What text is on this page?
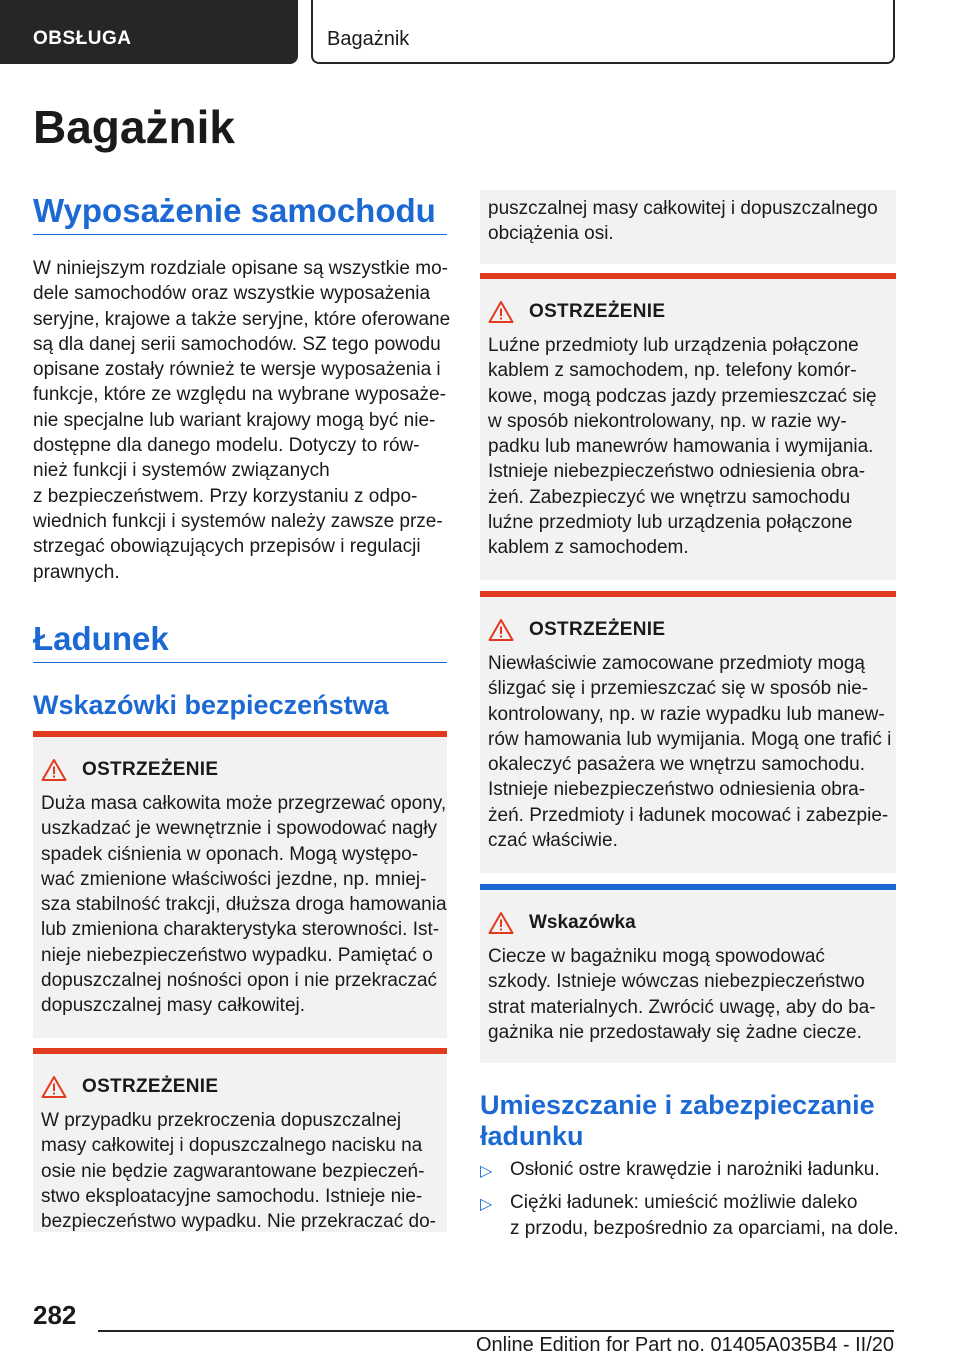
OBSŁUGA	Bagażnik
Bagażnik
Wyposażenie samochodu
W niniejszym rozdziale opisane są wszystkie mo-
dele samochodów oraz wszystkie wyposażenia
seryjne, krajowe a także seryjne, które oferowane
są dla danej serii samochodów. SZ tego powodu
opisane zostały również te wersje wyposażenia i
funkcje, które ze względu na wybrane wyposaże-
nie specjalne lub wariant krajowy mogą być nie-
dostępne dla danego modelu. Dotyczy to rów-
nież funkcji i systemów związanych
z bezpieczeństwem. Przy korzystaniu z odpo-
wiednich funkcji i systemów należy zawsze prze-
strzegać obowiązujących przepisów i regulacji
prawnych.
Ładunek
Wskazówki bezpieczeństwa
OSTRZEŻENIE
Duża masa całkowita może przegrzewać opony,
uszkadzać je wewnętrznie i spowodować nagły
spadek ciśnienia w oponach. Mogą występo-
wać zmienione właściwości jezdne, np. mniej-
sza stabilność trakcji, dłuższa droga hamowania
lub zmieniona charakterystyka sterowności. Ist-
nieje niebezpieczeństwo wypadku. Pamiętać o
dopuszczalnej nośności opon i nie przekraczać
dopuszczalnej masy całkowitej.
OSTRZEŻENIE
W przypadku przekroczenia dopuszczalnej
masy całkowitej i dopuszczalnego nacisku na
osie nie będzie zagwarantowane bezpieczeń-
stwo eksploatacyjne samochodu. Istnieje nie-
bezpieczeństwo wypadku. Nie przekraczać do-
puszczalnej masy całkowitej i dopuszczalnego
obciążenia osi.
OSTRZEŻENIE
Luźne przedmioty lub urządzenia połączone
kablem z samochodem, np. telefony komór-
kowe, mogą podczas jazdy przemieszczać się
w sposób niekontrolowany, np. w razie wy-
padku lub manewrów hamowania i wymijania.
Istnieje niebezpieczeństwo odniesienia obra-
żeń. Zabezpieczyć we wnętrzu samochodu
luźne przedmioty lub urządzenia połączone
kablem z samochodem.
OSTRZEŻENIE
Niewłaściwie zamocowane przedmioty mogą
ślizgać się i przemieszczać się w sposób nie-
kontrolowany, np. w razie wypadku lub manew-
rów hamowania lub wymijania. Mogą one trafić i
okaleczyć pasażera we wnętrzu samochodu.
Istnieje niebezpieczeństwo odniesienia obra-
żeń. Przedmioty i ładunek mocować i zabezpie-
czać właściwie.
Wskazówka
Ciecze w bagażniku mogą spowodować
szkody. Istnieje wówczas niebezpieczeństwo
strat materialnych. Zwrócić uwagę, aby do ba-
gażnika nie przedostawały się żadne ciecze.
Umieszczanie i zabezpieczanie
ładunku
▷ Osłonić ostre krawędzie i narożniki ładunku.
▷ Ciężki ładunek: umieścić możliwie daleko
z przodu, bezpośrednio za oparciami, na dole.
282
Online Edition for Part no. 01405A035B4 - II/20
